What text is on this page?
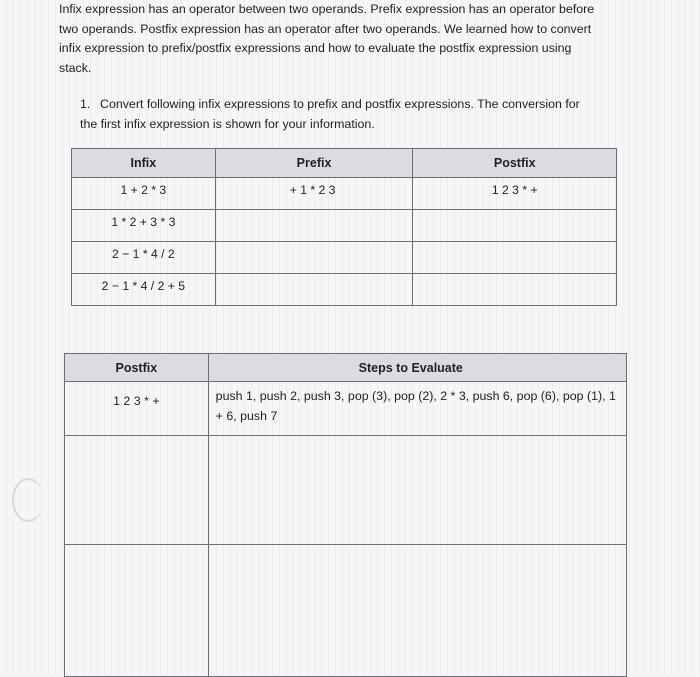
Infix expression has an operator between two operands. Prefix expression has an operator before two operands. Postfix expression has an operator after two operands. We learned how to convert infix expression to prefix/postfix expressions and how to evaluate the postfix expression using stack.
1. Convert following infix expressions to prefix and postfix expressions. The conversion for the first infix expression is shown for your information.
Infix	Prefix	Postfix
1 + 2 * 3	+ 1 * 2 3	1 2 3 * +
1 * 2 + 3 * 3		
2 − 1 * 4 / 2		
2 − 1 * 4 / 2 + 5		
Postfix	Steps to Evaluate
1 2 3 * +	push 1, push 2, push 3, pop (3), pop (2), 2 * 3, push 6, pop (6), pop (1), 1 + 6, push 7
